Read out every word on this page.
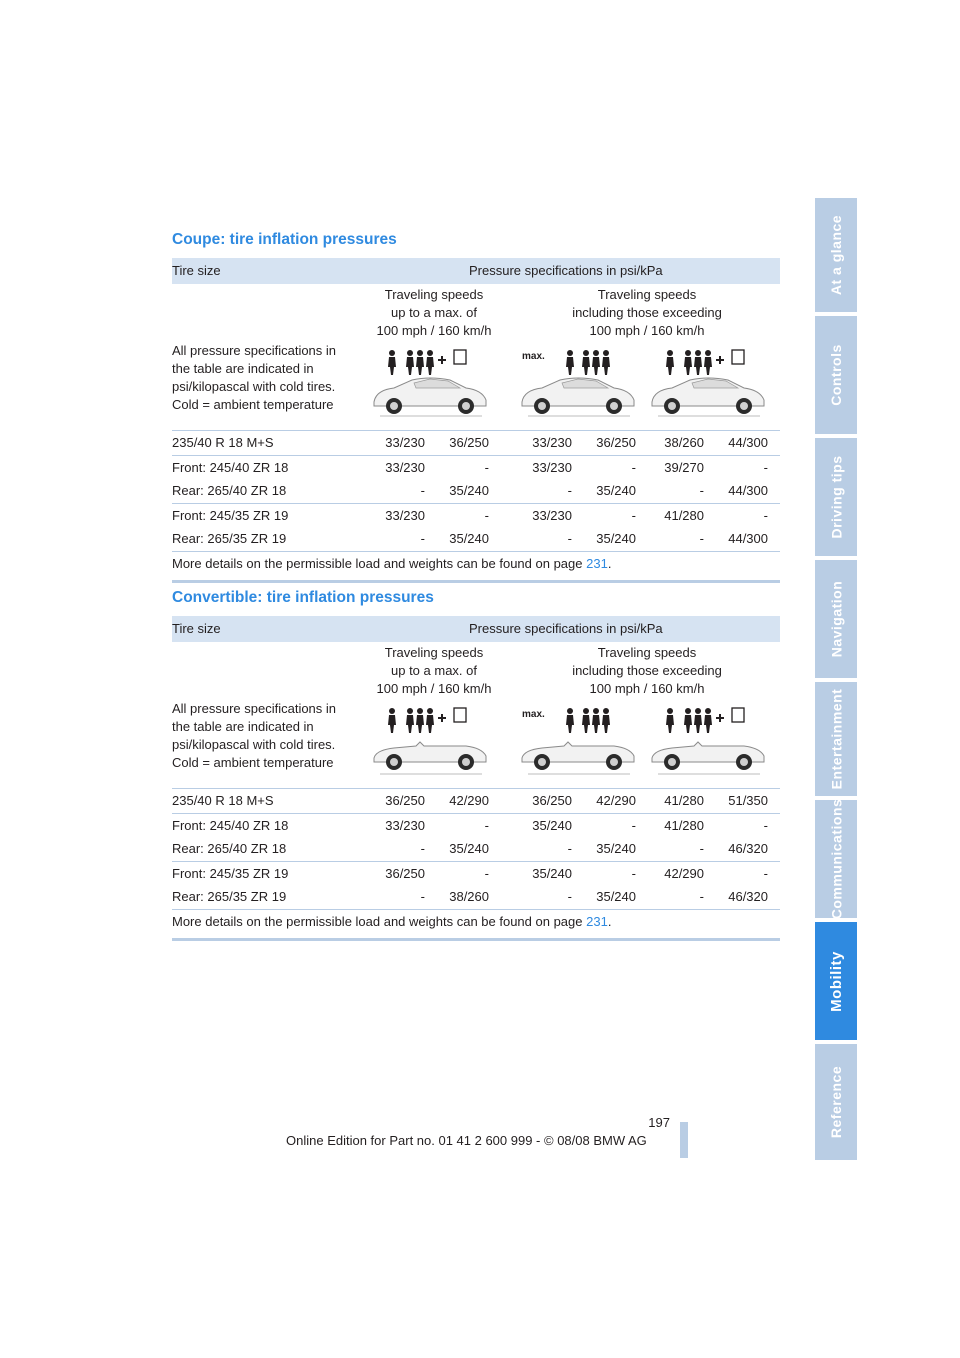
At a glance
Controls
Driving tips
Navigation
Entertainment
Communications
Mobility
Reference
Coupe: tire inflation pressures
Tire size	Pressure specifications in psi/kPa
Traveling speeds
up to a max. of
100 mph / 160 km/h
Traveling speeds
including those exceeding
100 mph / 160 km/h
All pressure specifications in
the table are indicated in
psi/kilopascal with cold tires.
Cold = ambient temperature
max.
235/40 R 18 M+S	33/230	36/250	33/230	36/250	38/260	44/300
Front: 245/40 ZR 18	33/230	-	33/230	-	39/270	-
Rear: 265/40 ZR 18	-	35/240	-	35/240	-	44/300
Front: 245/35 ZR 19	33/230	-	33/230	-	41/280	-
Rear: 265/35 ZR 19	-	35/240	-	35/240	-	44/300
More details on the permissible load and weights can be found on page 231.
Convertible: tire inflation pressures
Tire size	Pressure specifications in psi/kPa
Traveling speeds
up to a max. of
100 mph / 160 km/h
Traveling speeds
including those exceeding
100 mph / 160 km/h
All pressure specifications in
the table are indicated in
psi/kilopascal with cold tires.
Cold = ambient temperature
max.
235/40 R 18 M+S	36/250	42/290	36/250	42/290	41/280	51/350
Front: 245/40 ZR 18	33/230	-	35/240	-	41/280	-
Rear: 265/40 ZR 18	-	35/240	-	35/240	-	46/320
Front: 245/35 ZR 19	36/250	-	35/240	-	42/290	-
Rear: 265/35 ZR 19	-	38/260	-	35/240	-	46/320
More details on the permissible load and weights can be found on page 231.
197
Online Edition for Part no. 01 41 2 600 999 - © 08/08 BMW AG
